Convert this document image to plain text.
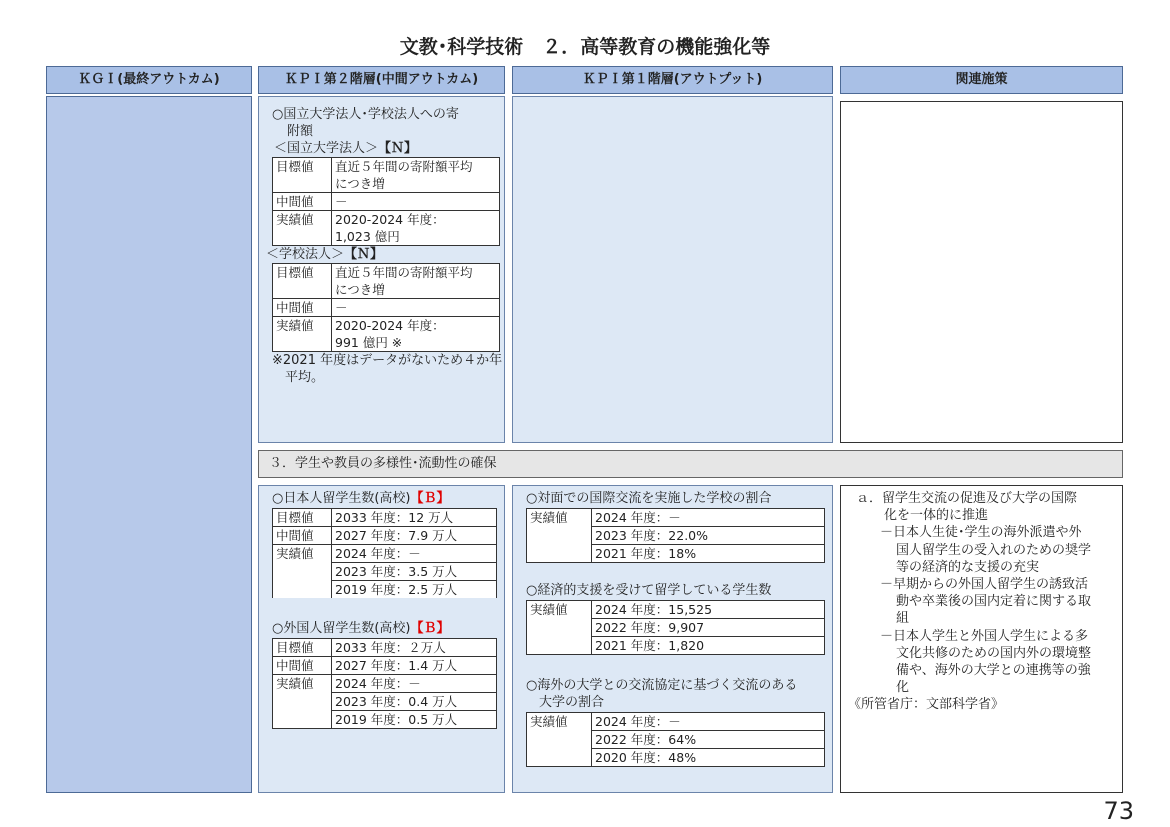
文教･科学技術　２．高等教育の機能強化等
ＫＧＩ(最終アウトカム)	ＫＰＩ第２階層(中間アウトカム)	ＫＰＩ第１階層(アウトプット)	関連施策
○国立大学法人･学校法人への寄
附額
＜国立大学法人＞【Ｎ】
目標値	直近５年間の寄附額平均
につき増

中間値	－
実績値	2020-2024 年度：
1,023 億円
＜学校法人＞【Ｎ】
目標値	直近５年間の寄附額平均
につき増

中間値	－
実績値	2020-2024 年度：
991 億円 ※
※2021 年度はデータがないため４か年
平均。
３．学生や教員の多様性･流動性の確保
○日本人留学生数(高校)【Ｂ】
目標値	2033 年度：12 万人
中間値	2027 年度：7.9 万人
実績値	2024 年度：－
	2023 年度：3.5 万人
	2019 年度：2.5 万人
○外国人留学生数(高校)【Ｂ】
目標値	2033 年度：２万人
中間値	2027 年度：1.4 万人
実績値	2024 年度：－
	2023 年度：0.4 万人
	2019 年度：0.5 万人
○対面での国際交流を実施した学校の割合
実績値	2024 年度：－
2023 年度：22.0%
2021 年度：18%
○経済的支援を受けて留学している学生数
実績値	2024 年度：15,525
2022 年度：9,907
2021 年度：1,820
○海外の大学との交流協定に基づく交流のある
大学の割合
実績値	2024 年度：－
2022 年度：64%
2020 年度：48%
ａ．留学生交流の促進及び大学の国際
化を一体的に推進
－日本人生徒･学生の海外派遣や外
国人留学生の受入れのための奨学
等の経済的な支援の充実
－早期からの外国人留学生の誘致活
動や卒業後の国内定着に関する取
組
－日本人学生と外国人学生による多
文化共修のための国内外の環境整
備や、海外の大学との連携等の強
化
《所管省庁：文部科学省》
73
